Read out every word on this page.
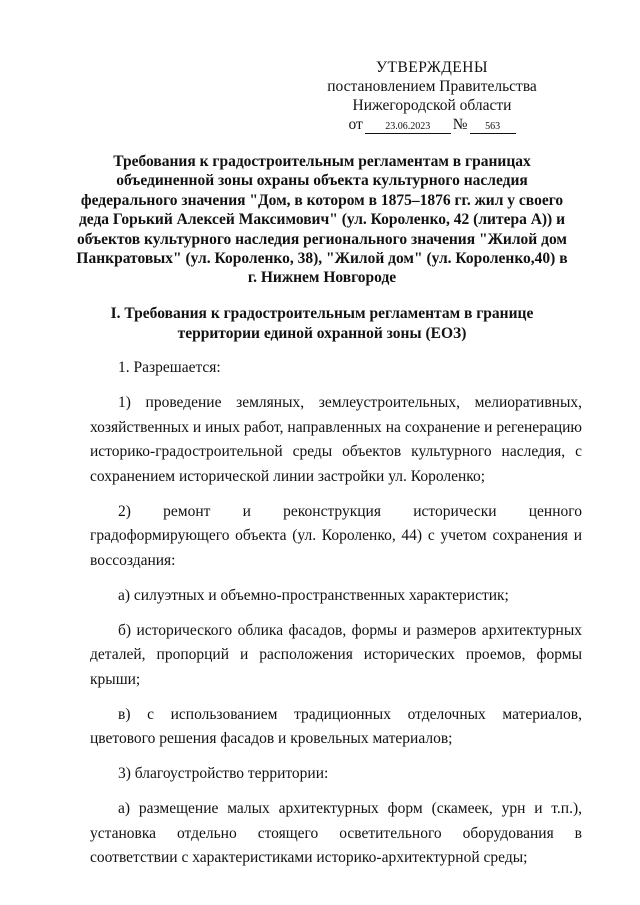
УТВЕРЖДЕНЫ
постановлением Правительства
Нижегородской области
от	23.06.2023	№	563
Требования к градостроительным регламентам в границах объединенной зоны охраны объекта культурного наследия федерального значения "Дом, в котором в 1875–1876 гг. жил у своего деда Горький Алексей Максимович" (ул. Короленко, 42 (литера А)) и объектов культурного наследия регионального значения "Жилой дом Панкратовых" (ул. Короленко, 38), "Жилой дом" (ул. Короленко,40) в г. Нижнем Новгороде
I. Требования к градостроительным регламентам в границе территории единой охранной зоны (ЕОЗ)

1. Разрешается:

1) проведение земляных, землеустроительных, мелиоративных, хозяйственных и иных работ, направленных на сохранение и регенерацию историко-градостроительной среды объектов культурного наследия, с сохранением исторической линии застройки ул. Короленко;

2) ремонт и реконструкция исторически ценного градоформирующего объекта (ул. Короленко, 44) с учетом сохранения и воссоздания:

а) силуэтных и объемно-пространственных характеристик;

б) исторического облика фасадов, формы и размеров архитектурных деталей, пропорций и расположения исторических проемов, формы крыши;

в) с использованием традиционных отделочных материалов, цветового решения фасадов и кровельных материалов;

3) благоустройство территории:

а) размещение малых архитектурных форм (скамеек, урн и т.п.), установка отдельно стоящего осветительного оборудования в соответствии с характеристиками историко-архитектурной среды;
